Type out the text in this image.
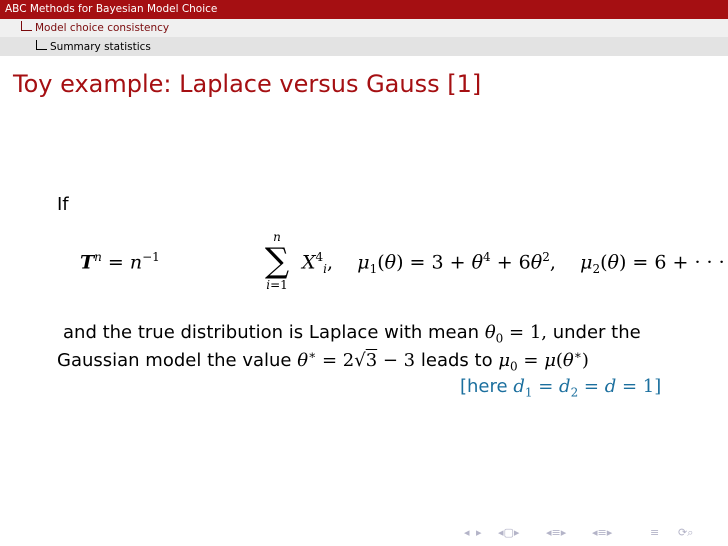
ABC Methods for Bayesian Model Choice
Model choice consistency
Summary statistics
Toy example: Laplace versus Gauss [1]
If
$T^n = n^{-1}$
n
∑
i=1
$X^4_i$,    $\mu_1(\theta) = 3 + \theta^4 + 6\theta^2$,    $\mu_2(\theta) = 6$ + · · ·
and the true distribution is Laplace with mean $\theta_0 = 1$, under the
Gaussian model the value θ∗ = 2√3 − 3 leads to $\mu_0 = \mu(\theta^∗)$
[here $d_1 = d_2 = d = 1$]
◂ ▸ ◂▢▸ ◂≡▸ ◂≡▸	≡ ⟳⌕
